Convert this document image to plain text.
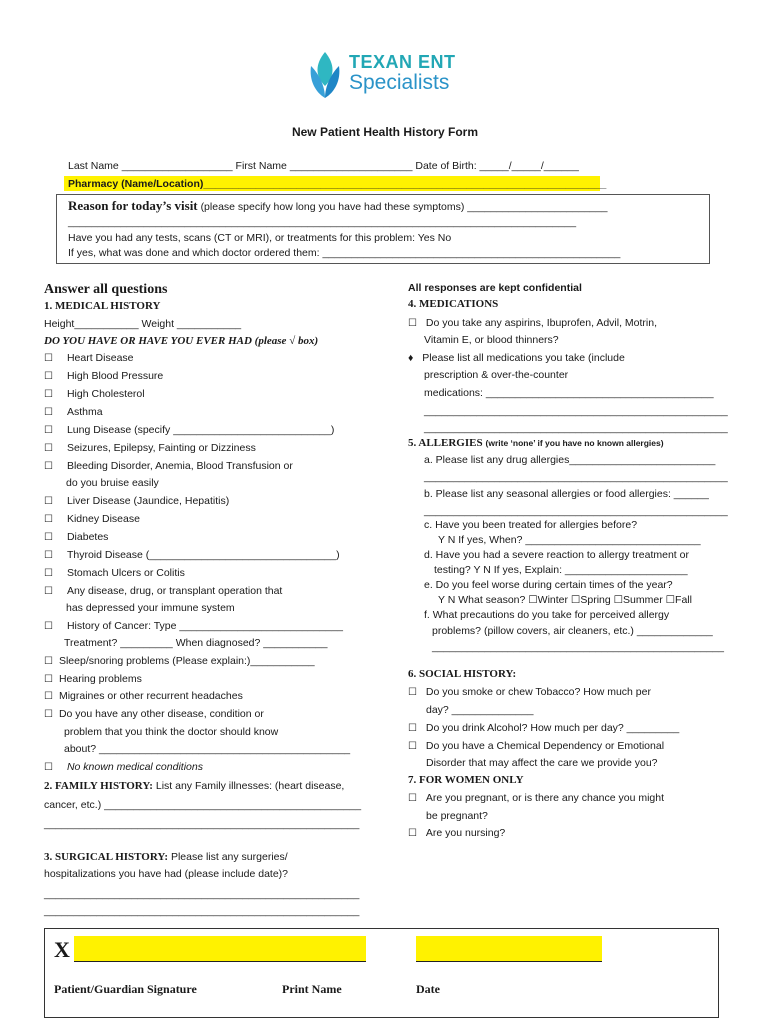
TEXAN ENT
Specialists
New Patient Health History Form
Last Name ___________________ First Name _____________________ Date of Birth: _____/_____/______
Pharmacy (Name/Location)_____________________________________________________________________
Reason for today’s visit (please specify how long you have had these symptoms) ________________________
_______________________________________________________________________________________
Have you had any tests, scans (CT or MRI), or treatments for this problem: Yes No
If yes, what was done and which doctor ordered them: ___________________________________________________
Answer all questions
1. MEDICAL HISTORY
Height___________ Weight ___________
DO YOU HAVE OR HAVE YOU EVER HAD (please √ box)
☐ Heart Disease
☐ High Blood Pressure
☐ High Cholesterol
☐ Asthma
☐ Lung Disease (specify ___________________________)
☐ Seizures, Epilepsy, Fainting or Dizziness
☐ Bleeding Disorder, Anemia, Blood Transfusion or
do you bruise easily
☐ Liver Disease (Jaundice, Hepatitis)
☐ Kidney Disease
☐ Diabetes
☐ Thyroid Disease (________________________________)
☐ Stomach Ulcers or Colitis
☐ Any disease, drug, or transplant operation that
has depressed your immune system
☐ History of Cancer: Type ____________________________
Treatment? _________ When diagnosed? ___________
☐ Sleep/snoring problems (Please explain:)___________
☐ Hearing problems
☐ Migraines or other recurrent headaches
☐ Do you have any other disease, condition or
problem that you think the doctor should know
about? ___________________________________________
☐ No known medical conditions
2. FAMILY HISTORY: List any Family illnesses: (heart disease,
cancer, etc.) ____________________________________________
______________________________________________________
3. SURGICAL HISTORY: Please list any surgeries/
hospitalizations you have had (please include date)?
______________________________________________________
______________________________________________________
All responses are kept confidential
4. MEDICATIONS
☐ Do you take any aspirins, Ibuprofen, Advil, Motrin,
Vitamin E, or blood thinners?
♦ Please list all medications you take (include
prescription & over-the-counter
medications: _______________________________________
____________________________________________________
____________________________________________________
5. ALLERGIES (write ‘none’ if you have no known allergies)
a. Please list any drug allergies_________________________
____________________________________________________
b. Please list any seasonal allergies or food allergies: ______
____________________________________________________
c. Have you been treated for allergies before?
Y N If yes, When? ______________________________
d. Have you had a severe reaction to allergy treatment or
testing? Y N If yes, Explain: _____________________
e. Do you feel worse during certain times of the year?
Y N What season? ☐Winter ☐Spring ☐Summer ☐Fall
f. What precautions do you take for perceived allergy
problems? (pillow covers, air cleaners, etc.) _____________
__________________________________________________
6. SOCIAL HISTORY:
☐ Do you smoke or chew Tobacco? How much per
day? ______________
☐ Do you drink Alcohol? How much per day? _________
☐ Do you have a Chemical Dependency or Emotional
Disorder that may affect the care we provide you?
7. FOR WOMEN ONLY
☐ Are you pregnant, or is there any chance you might
be pregnant?
☐ Are you nursing?
X
Patient/Guardian Signature	Print Name	Date
